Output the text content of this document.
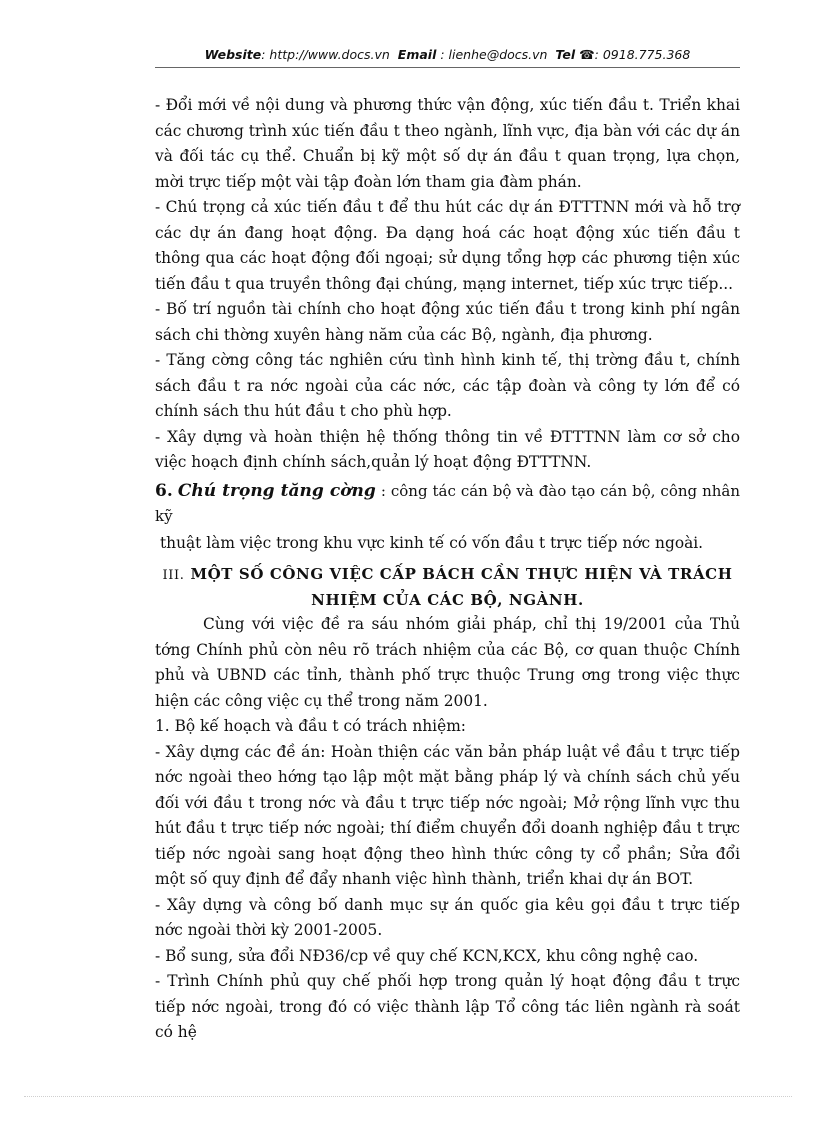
Website: http://www.docs.vn Email : lienhe@docs.vn Tel ☎: 0918.775.368

- Đổi mới về nội dung và phương thức vận động, xúc tiến đầu t. Triển khai các chương trình xúc tiến đầu t theo ngành, lĩnh vực, địa bàn với các dự án và đối tác cụ thể. Chuẩn bị kỹ một số dự án đầu t quan trọng, lựa chọn, mời trực tiếp một vài tập đoàn lớn tham gia đàm phán.

- Chú trọng cả xúc tiến đầu t để thu hút các dự án ĐTTTNN mới và hỗ trợ các dự án đang hoạt động. Đa dạng hoá các hoạt động xúc tiến đầu t thông qua các hoạt động đối ngoại; sử dụng tổng hợp các phương tiện xúc tiến đầu t qua truyền thông đại chúng, mạng internet, tiếp xúc trực tiếp...

- Bố trí nguồn tài chính cho hoạt động xúc tiến đầu t trong kinh phí ngân sách chi thờng xuyên hàng năm của các Bộ, ngành, địa phương.

- Tăng cờng công tác nghiên cứu tình hình kinh tế, thị trờng đầu t, chính sách đầu t ra nớc ngoài của các nớc, các tập đoàn và công ty lớn để có chính sách thu hút đầu t cho phù hợp.

- Xây dựng và hoàn thiện hệ thống thông tin về ĐTTTNN làm cơ sở cho việc hoạch định chính sách,quản lý hoạt động ĐTTTNN.

6. Chú trọng tăng cờng : công tác cán bộ và đào tạo cán bộ, công nhân kỹ

thuật làm việc trong khu vực kinh tế có vốn đầu t trực tiếp nớc ngoài.

III. MỘT SỐ CÔNG VIỆC CẤP BÁCH CẦN THỰC HIỆN VÀ TRÁCH
NHIỆM CỦA CÁC BỘ, NGÀNH.

Cùng với việc đề ra sáu nhóm giải pháp, chỉ thị 19/2001 của Thủ tớng Chính phủ còn nêu rõ trách nhiệm của các Bộ, cơ quan thuộc Chính phủ và UBND các tỉnh, thành phố trực thuộc Trung ơng trong việc thực hiện các công việc cụ thể trong năm 2001.

1. Bộ kế hoạch và đầu t có trách nhiệm:

- Xây dựng các đề án: Hoàn thiện các văn bản pháp luật về đầu t trực tiếp nớc ngoài theo hớng tạo lập một mặt bằng pháp lý và chính sách chủ yếu đối với đầu t trong nớc và đầu t trực tiếp nớc ngoài; Mở rộng lĩnh vực thu hút đầu t trực tiếp nớc ngoài; thí điểm chuyển đổi doanh nghiệp đầu t trực tiếp nớc ngoài sang hoạt động theo hình thức công ty cổ phần; Sửa đổi một số quy định để đẩy nhanh việc hình thành, triển khai dự án BOT.

- Xây dựng và công bố danh mục sự án quốc gia kêu gọi đầu t trực tiếp nớc ngoài thời kỳ 2001-2005.

- Bổ sung, sửa đổi NĐ36/cp về quy chế KCN,KCX, khu công nghệ cao.

- Trình Chính phủ quy chế phối hợp trong quản lý hoạt động đầu t trực tiếp nớc ngoài, trong đó có việc thành lập Tổ công tác liên ngành rà soát có hệ
